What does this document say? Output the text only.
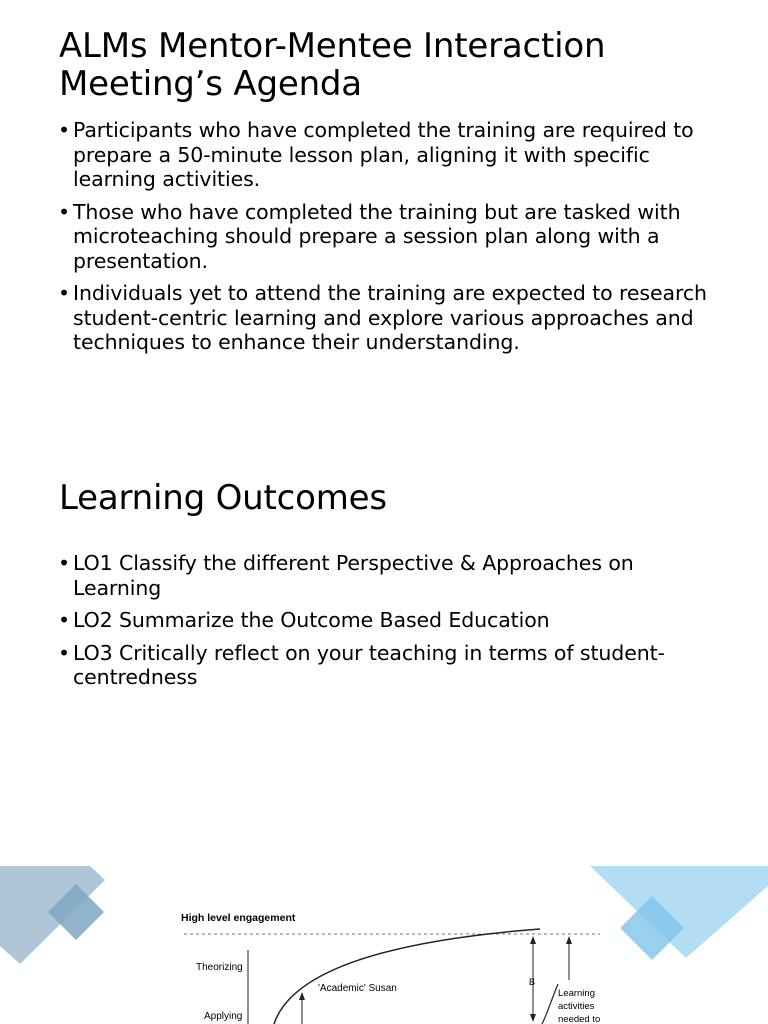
ALMs Mentor-Mentee Interaction
Meeting’s Agenda
• Participants who have completed the training are required to prepare a 50-minute lesson plan, aligning it with specific learning activities.
• Those who have completed the training but are tasked with microteaching should prepare a session plan along with a presentation.
• Individuals yet to attend the training are expected to research student-centric learning and explore various approaches and techniques to enhance their understanding.
Learning Outcomes
• LO1 Classify the different Perspective & Approaches on Learning
• LO2 Summarize the Outcome Based Education
• LO3 Critically reflect on your teaching in terms of student-centredness
High level engagement
Theorizing
Applying
'Academic' Susan
B
Learning
activities
needed to
